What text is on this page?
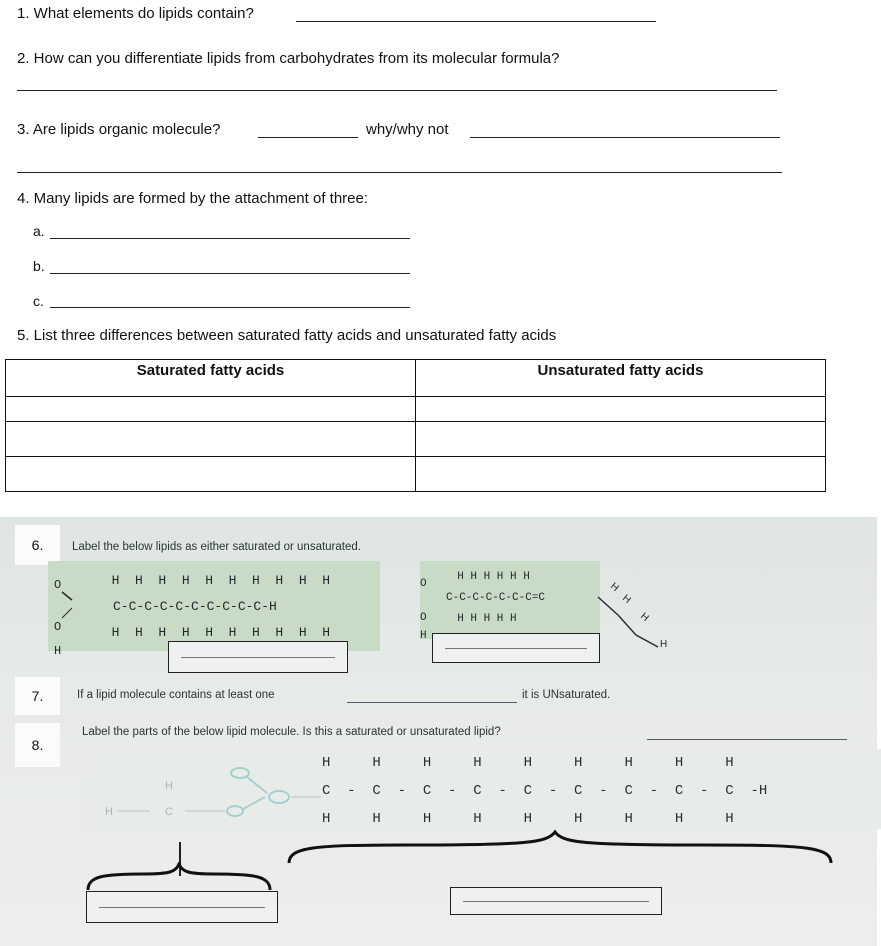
1. What elements do lipids contain?
2. How can you differentiate lipids from carbohydrates from its molecular formula?
3. Are lipids organic molecule?	why/why not
4. Many lipids are formed by the attachment of three:
a.
b.
c.
5. List three differences between saturated fatty acids and unsaturated fatty acids
Saturated fatty acids	Unsaturated fatty acids

6.	Label the below lipids as either saturated or unsaturated.
H  H  H  H  H  H  H  H  H  H
C-C-C-C-C-C-C-C-C-C-H
H  H  H  H  H  H  H  H  H  H
O
O
H
H H H H H H
C-C-C-C-C-C-C=C
H H H H H
O
O
H
H
H
H
H
7.	If a lipid molecule contains at least one	it is UNsaturated.
8.
Label the parts of the below lipid molecule. Is this a saturated or unsaturated lipid?
H     H     H     H     H     H     H     H     H
C  -  C  -  C  -  C  -  C  -  C  -  C  -  C  -  C  -H
H     H     H     H     H     H     H     H     H
H
H
C
